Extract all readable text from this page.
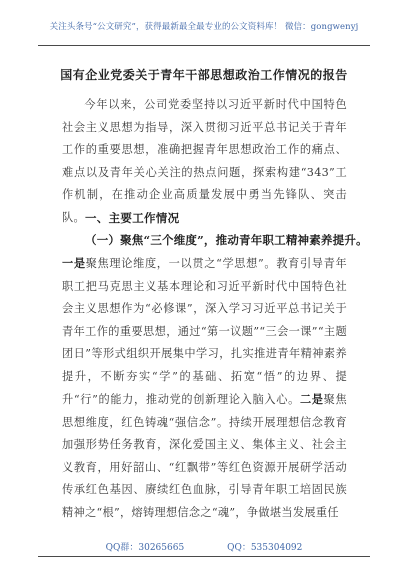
关注头条号“公文研究”，获得最新最全最专业的公文资料库！ 微信：gongwenyj
国有企业党委关于青年干部思想政治工作情况的报告
今年以来，公司党委坚持以习近平新时代中国特色社会主义思想为指导，深入贯彻习近平总书记关于青年工作的重要思想，准确把握青年思想政治工作的痛点、难点以及青年关心关注的热点问题，探索构建“343”工作机制，在推动企业高质量发展中勇当先锋队、突击队。 一、主要工作情况
（一）聚焦“三个维度”，推动青年职工精神素养提升。
一是聚焦理论维度，一以贯之“学思想”。教育引导青年职工把马克思主义基本理论和习近平新时代中国特色社会主义思想作为“必修课”，深入学习习近平总书记关于青年工作的重要思想，通过“第一议题”“三会一课”“主题团日”等形式组织开展集中学习，扎实推进青年精神素养提升，不断夯实“学”的基础、拓宽“悟”的边界、提升“行”的能力，推动党的创新理论入脑入心。二是聚焦思想维度，红色铸魂“强信念”。持续开展理想信念教育加强形势任务教育，深化爱国主义、集体主义、社会主义教育，用好韶山、“红飘带”等红色资源开展研学活动传承红色基因、赓续红色血脉，引导青年职工培固民族精神之“根”，熔铸理想信念之“魂”，争做堪当发展重任
QQ群：30265665	QQ：535304092
